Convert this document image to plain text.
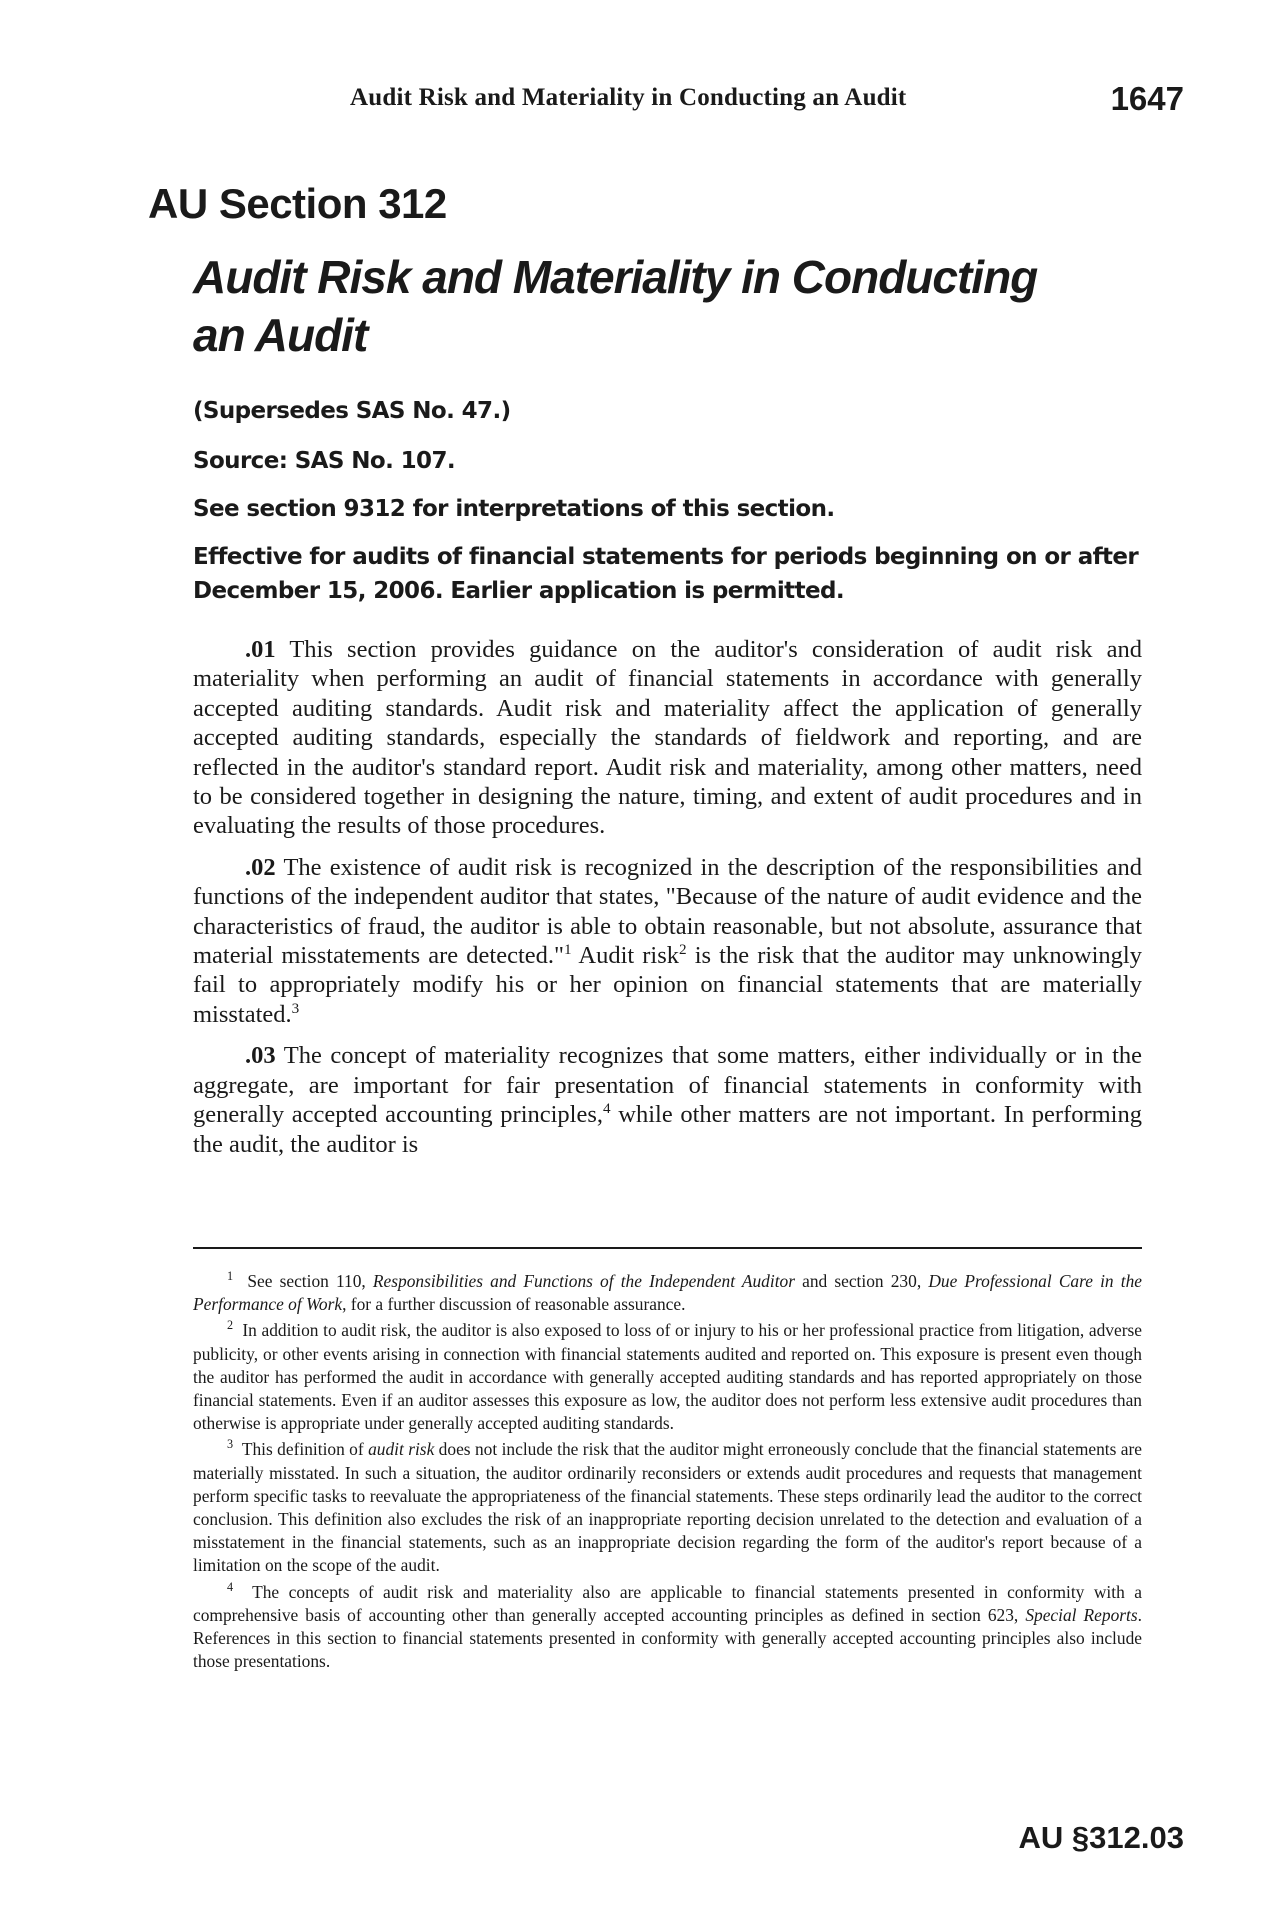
Audit Risk and Materiality in Conducting an Audit	1647
AU Section 312
Audit Risk and Materiality in Conducting an Audit
(Supersedes SAS No. 47.)
Source: SAS No. 107.
See section 9312 for interpretations of this section.
Effective for audits of financial statements for periods beginning on or after December 15, 2006. Earlier application is permitted.

.01 This section provides guidance on the auditor's consideration of audit risk and materiality when performing an audit of financial statements in accordance with generally accepted auditing standards. Audit risk and materiality affect the application of generally accepted auditing standards, especially the standards of fieldwork and reporting, and are reflected in the auditor's standard report. Audit risk and materiality, among other matters, need to be considered together in designing the nature, timing, and extent of audit procedures and in evaluating the results of those procedures.

.02 The existence of audit risk is recognized in the description of the responsibilities and functions of the independent auditor that states, "Because of the nature of audit evidence and the characteristics of fraud, the auditor is able to obtain reasonable, but not absolute, assurance that material misstatements are detected."$^1$ Audit risk$^2$ is the risk that the auditor may unknowingly fail to appropriately modify his or her opinion on financial statements that are materially misstated.$^3$

.03 The concept of materiality recognizes that some matters, either individually or in the aggregate, are important for fair presentation of financial statements in conformity with generally accepted accounting principles,$^4$ while other matters are not important. In performing the audit, the auditor is

$^1$ See section 110, Responsibilities and Functions of the Independent Auditor and section 230, Due Professional Care in the Performance of Work, for a further discussion of reasonable assurance.

$^2$ In addition to audit risk, the auditor is also exposed to loss of or injury to his or her professional practice from litigation, adverse publicity, or other events arising in connection with financial statements audited and reported on. This exposure is present even though the auditor has performed the audit in accordance with generally accepted auditing standards and has reported appropriately on those financial statements. Even if an auditor assesses this exposure as low, the auditor does not perform less extensive audit procedures than otherwise is appropriate under generally accepted auditing standards.

$^3$ This definition of audit risk does not include the risk that the auditor might erroneously conclude that the financial statements are materially misstated. In such a situation, the auditor ordinarily reconsiders or extends audit procedures and requests that management perform specific tasks to reevaluate the appropriateness of the financial statements. These steps ordinarily lead the auditor to the correct conclusion. This definition also excludes the risk of an inappropriate reporting decision unrelated to the detection and evaluation of a misstatement in the financial statements, such as an inappropriate decision regarding the form of the auditor's report because of a limitation on the scope of the audit.

$^4$ The concepts of audit risk and materiality also are applicable to financial statements presented in conformity with a comprehensive basis of accounting other than generally accepted accounting principles as defined in section 623, Special Reports. References in this section to financial statements presented in conformity with generally accepted accounting principles also include those presentations.

AU §312.03
